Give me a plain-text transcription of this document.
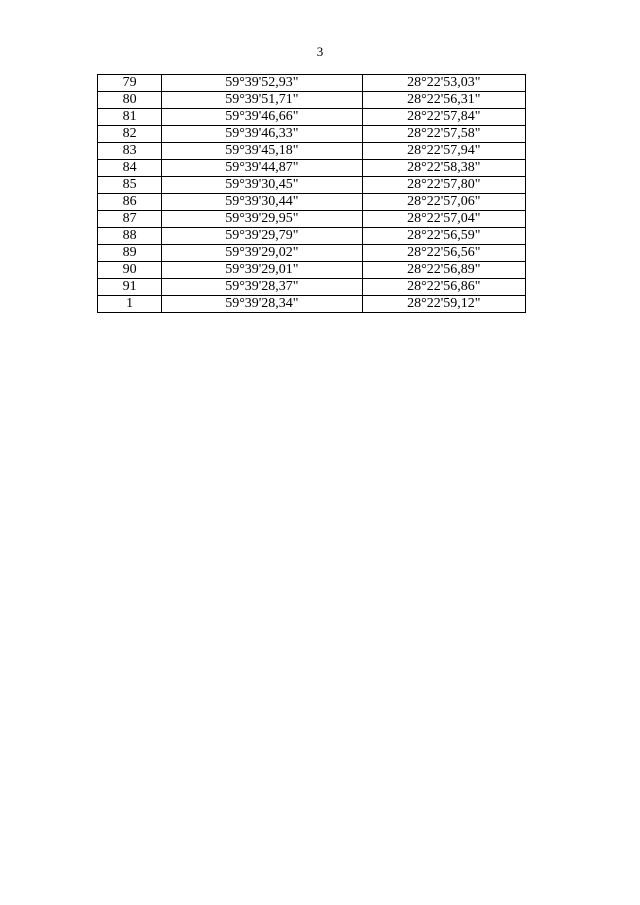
3
79	59°39'52,93"	28°22'53,03"
80	59°39'51,71"	28°22'56,31"
81	59°39'46,66"	28°22'57,84"
82	59°39'46,33"	28°22'57,58"
83	59°39'45,18"	28°22'57,94"
84	59°39'44,87"	28°22'58,38"
85	59°39'30,45"	28°22'57,80"
86	59°39'30,44"	28°22'57,06"
87	59°39'29,95"	28°22'57,04"
88	59°39'29,79"	28°22'56,59"
89	59°39'29,02"	28°22'56,56"
90	59°39'29,01"	28°22'56,89"
91	59°39'28,37"	28°22'56,86"
1	59°39'28,34"	28°22'59,12"
